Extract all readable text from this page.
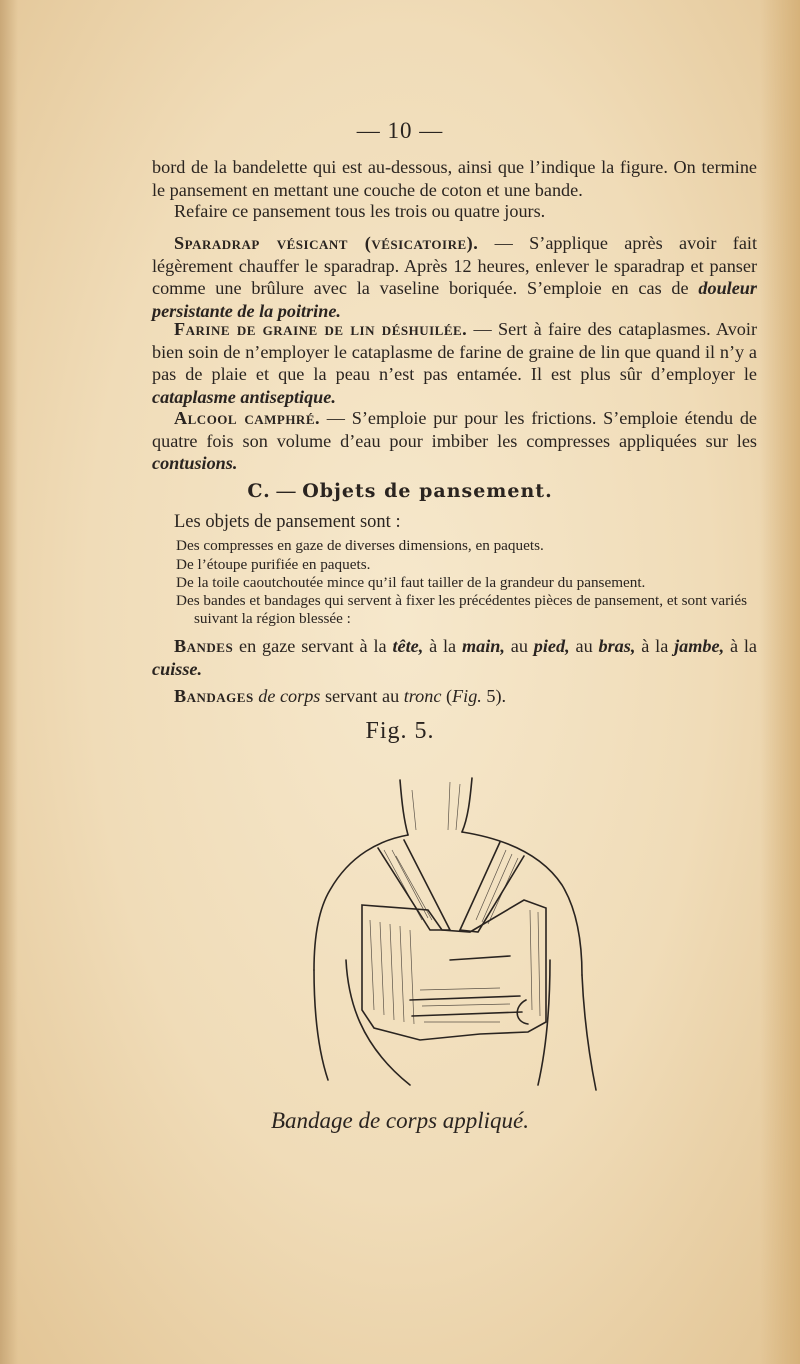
— 10 —

bord de la bandelette qui est au-dessous, ainsi que l’indique la figure. On termine le pansement en mettant une couche de coton et une bande.

Refaire ce pansement tous les trois ou quatre jours.

Sparadrap vésicant (vésicatoire). — S’applique après avoir fait légèrement chauffer le sparadrap. Après 12 heures, enlever le sparadrap et panser comme une brûlure avec la vaseline boriquée. S’emploie en cas de douleur persistante de la poitrine.

Farine de graine de lin déshuilée. — Sert à faire des cataplasmes. Avoir bien soin de n’employer le cataplasme de farine de graine de lin que quand il n’y a pas de plaie et que la peau n’est pas entamée. Il est plus sûr d’employer le cataplasme antiseptique.

Alcool camphré. — S’emploie pur pour les frictions. S’emploie étendu de quatre fois son volume d’eau pour imbiber les compresses appliquées sur les contusions.

C. — Objets de pansement.
Les objets de pansement sont :

Des compresses en gaze de diverses dimensions, en paquets.

De l’étoupe purifiée en paquets.

De la toile caoutchoutée mince qu’il faut tailler de la grandeur du pansement.

Des bandes et bandages qui servent à fixer les précédentes pièces de pansement, et sont variés suivant la région blessée :

Bandes en gaze servant à la tête, à la main, au pied, au bras, à la jambe, à la cuisse.

Bandages de corps servant au tronc (Fig. 5).

Fig. 5.
Bandage de corps appliqué.
